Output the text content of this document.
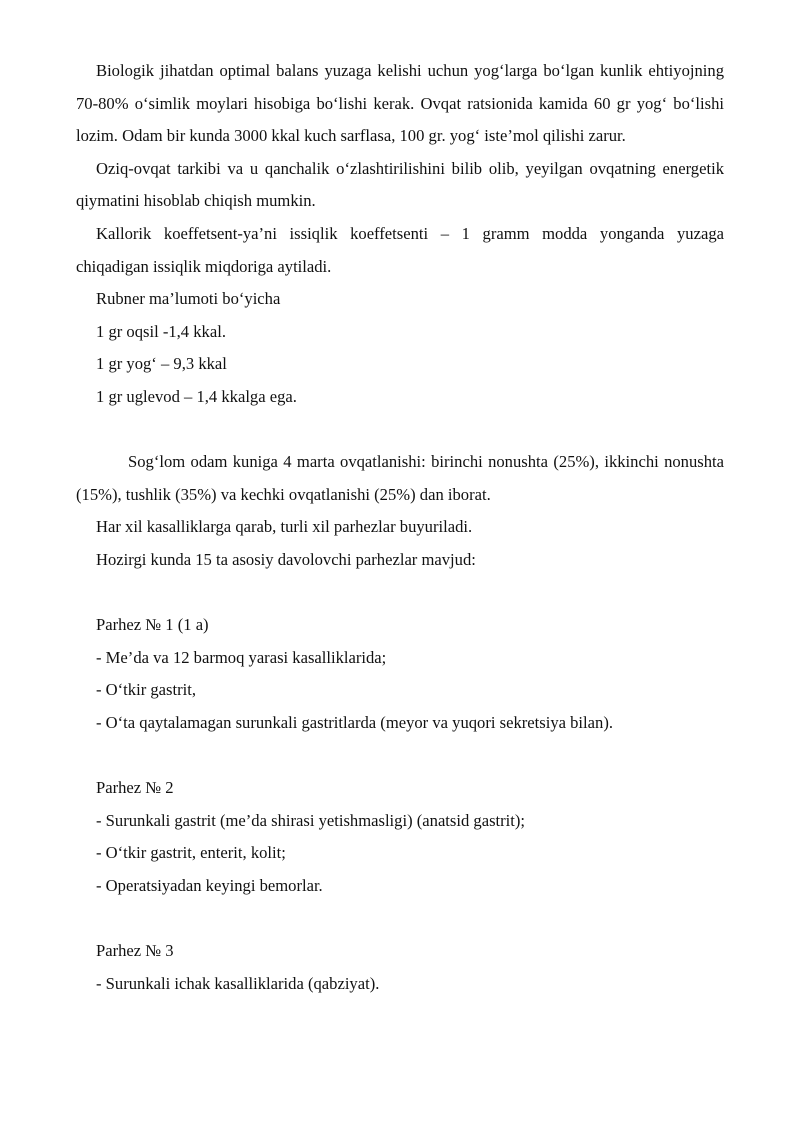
Biologik jihatdan optimal balans yuzaga kelishi uchun yog‘larga bo‘lgan kunlik ehtiyojning 70-80% o‘simlik moylari hisobiga bo‘lishi kerak. Ovqat ratsionida kamida 60 gr yog‘ bo‘lishi lozim. Odam bir kunda 3000 kkal kuch sarflasa, 100 gr. yog‘ iste’mol qilishi zarur.

Oziq-ovqat tarkibi va u qanchalik o‘zlashtirilishini bilib olib, yeyilgan ovqatning energetik qiymatini hisoblab chiqish mumkin.

Kallorik koeffetsent-ya’ni issiqlik koeffetsenti – 1 gramm modda yonganda yuzaga chiqadigan issiqlik miqdoriga aytiladi.

Rubner ma’lumoti bo‘yicha

1 gr oqsil -1,4 kkal.

1 gr yog‘ – 9,3 kkal

1 gr uglevod – 1,4 kkalga ega.

Sog‘lom odam kuniga 4 marta ovqatlanishi: birinchi nonushta (25%), ikkinchi nonushta (15%), tushlik (35%) va kechki ovqatlanishi (25%) dan iborat.

Har xil kasalliklarga qarab, turli xil parhezlar buyuriladi.

Hozirgi kunda 15 ta asosiy davolovchi parhezlar mavjud:

Parhez № 1 (1 a)

- Me’da va 12 barmoq yarasi kasalliklarida;

- O‘tkir gastrit,

- O‘ta qaytalamagan surunkali gastritlarda (meyor va yuqori sekretsiya bilan).

Parhez № 2

- Surunkali gastrit (me’da shirasi yetishmasligi) (anatsid gastrit);

- O‘tkir gastrit, enterit, kolit;

- Operatsiyadan keyingi bemorlar.

Parhez № 3

- Surunkali ichak kasalliklarida (qabziyat).
